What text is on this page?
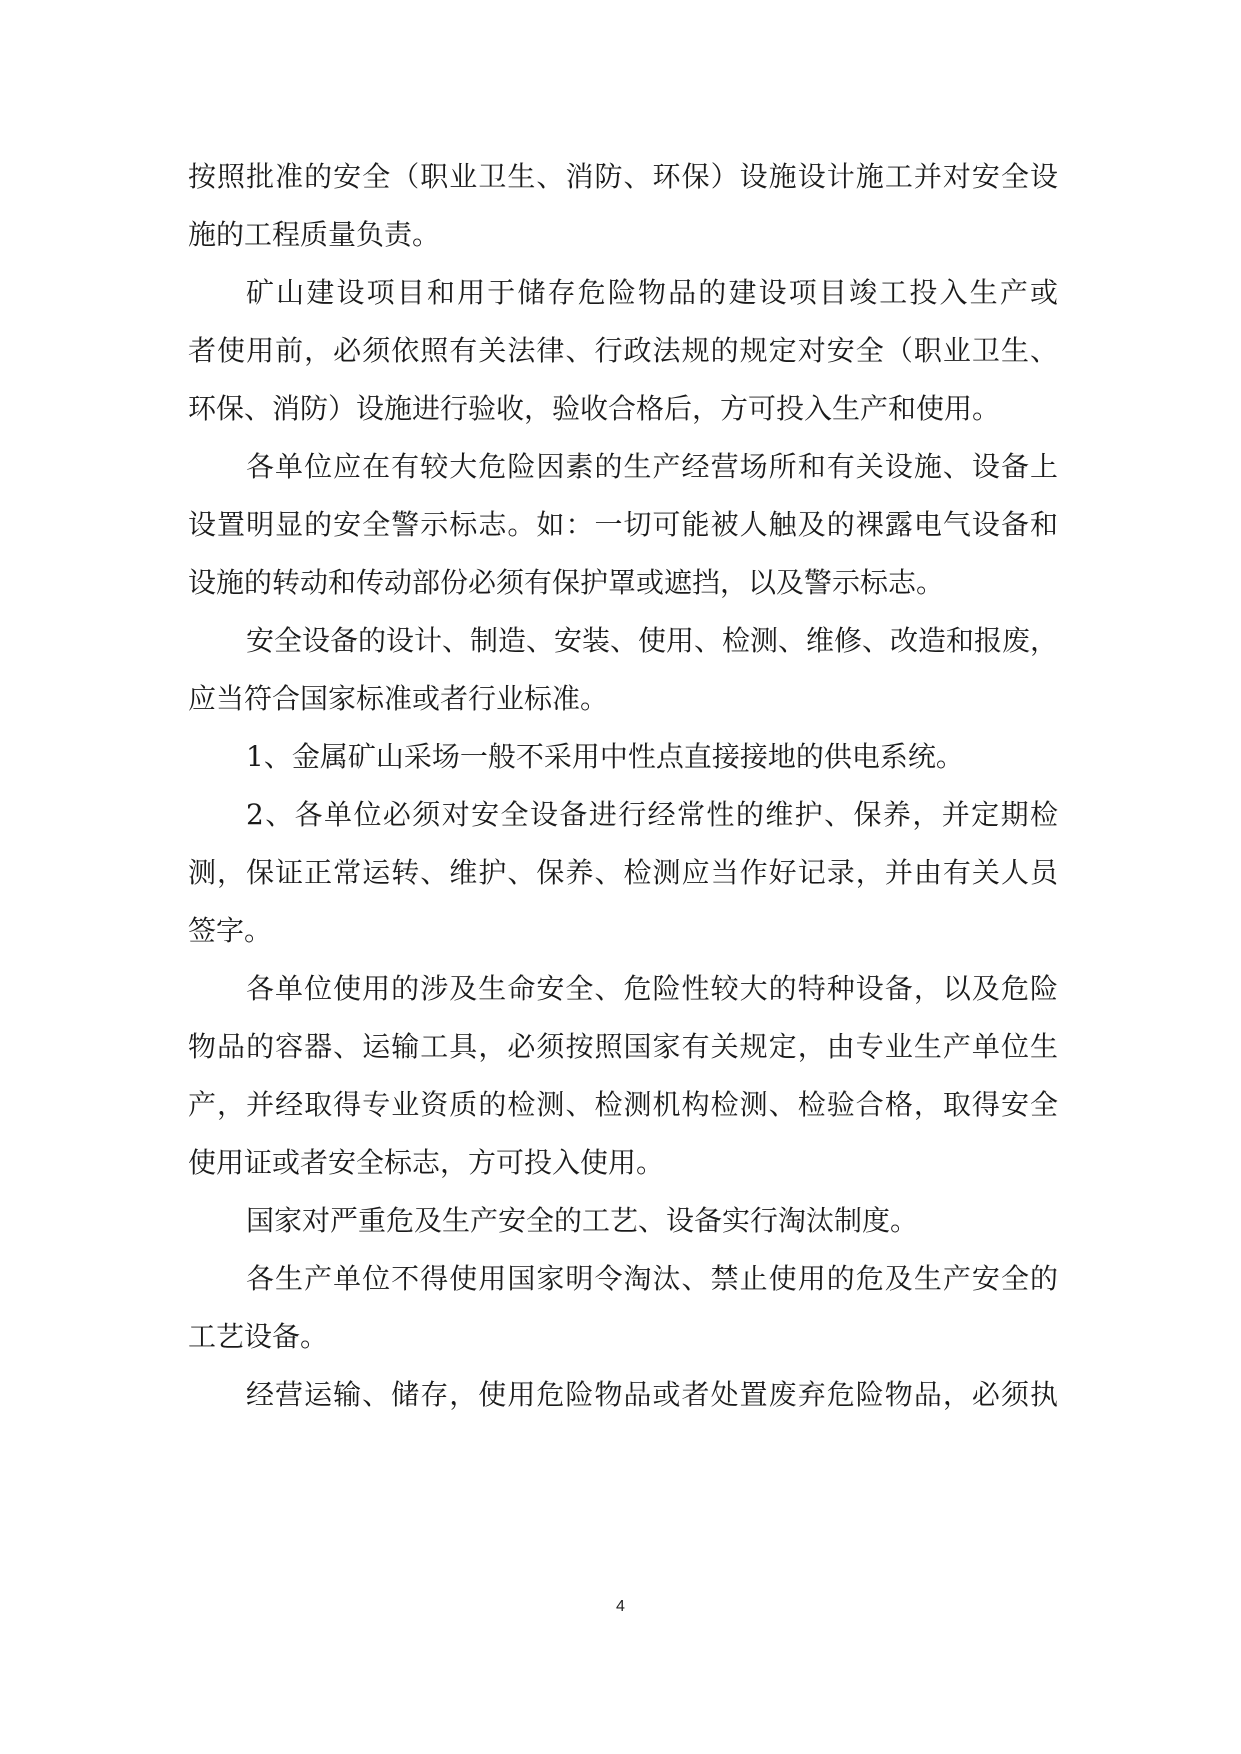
按照批准的安全（职业卫生、消防、环保）设施设计施工并对安全设
施的工程质量负责。
矿山建设项目和用于储存危险物品的建设项目竣工投入生产或
者使用前，必须依照有关法律、行政法规的规定对安全（职业卫生、
环保、消防）设施进行验收，验收合格后，方可投入生产和使用。
各单位应在有较大危险因素的生产经营场所和有关设施、设备上
设置明显的安全警示标志。如：一切可能被人触及的裸露电气设备和
设施的转动和传动部份必须有保护罩或遮挡，以及警示标志。
安全设备的设计、制造、安装、使用、检测、维修、改造和报废，
应当符合国家标准或者行业标准。
1、金属矿山采场一般不采用中性点直接接地的供电系统。
2、各单位必须对安全设备进行经常性的维护、保养，并定期检
测，保证正常运转、维护、保养、检测应当作好记录，并由有关人员
签字。
各单位使用的涉及生命安全、危险性较大的特种设备，以及危险
物品的容器、运输工具，必须按照国家有关规定，由专业生产单位生
产，并经取得专业资质的检测、检测机构检测、检验合格，取得安全
使用证或者安全标志，方可投入使用。
国家对严重危及生产安全的工艺、设备实行淘汰制度。
各生产单位不得使用国家明令淘汰、禁止使用的危及生产安全的
工艺设备。
经营运输、储存，使用危险物品或者处置废弃危险物品，必须执
4
